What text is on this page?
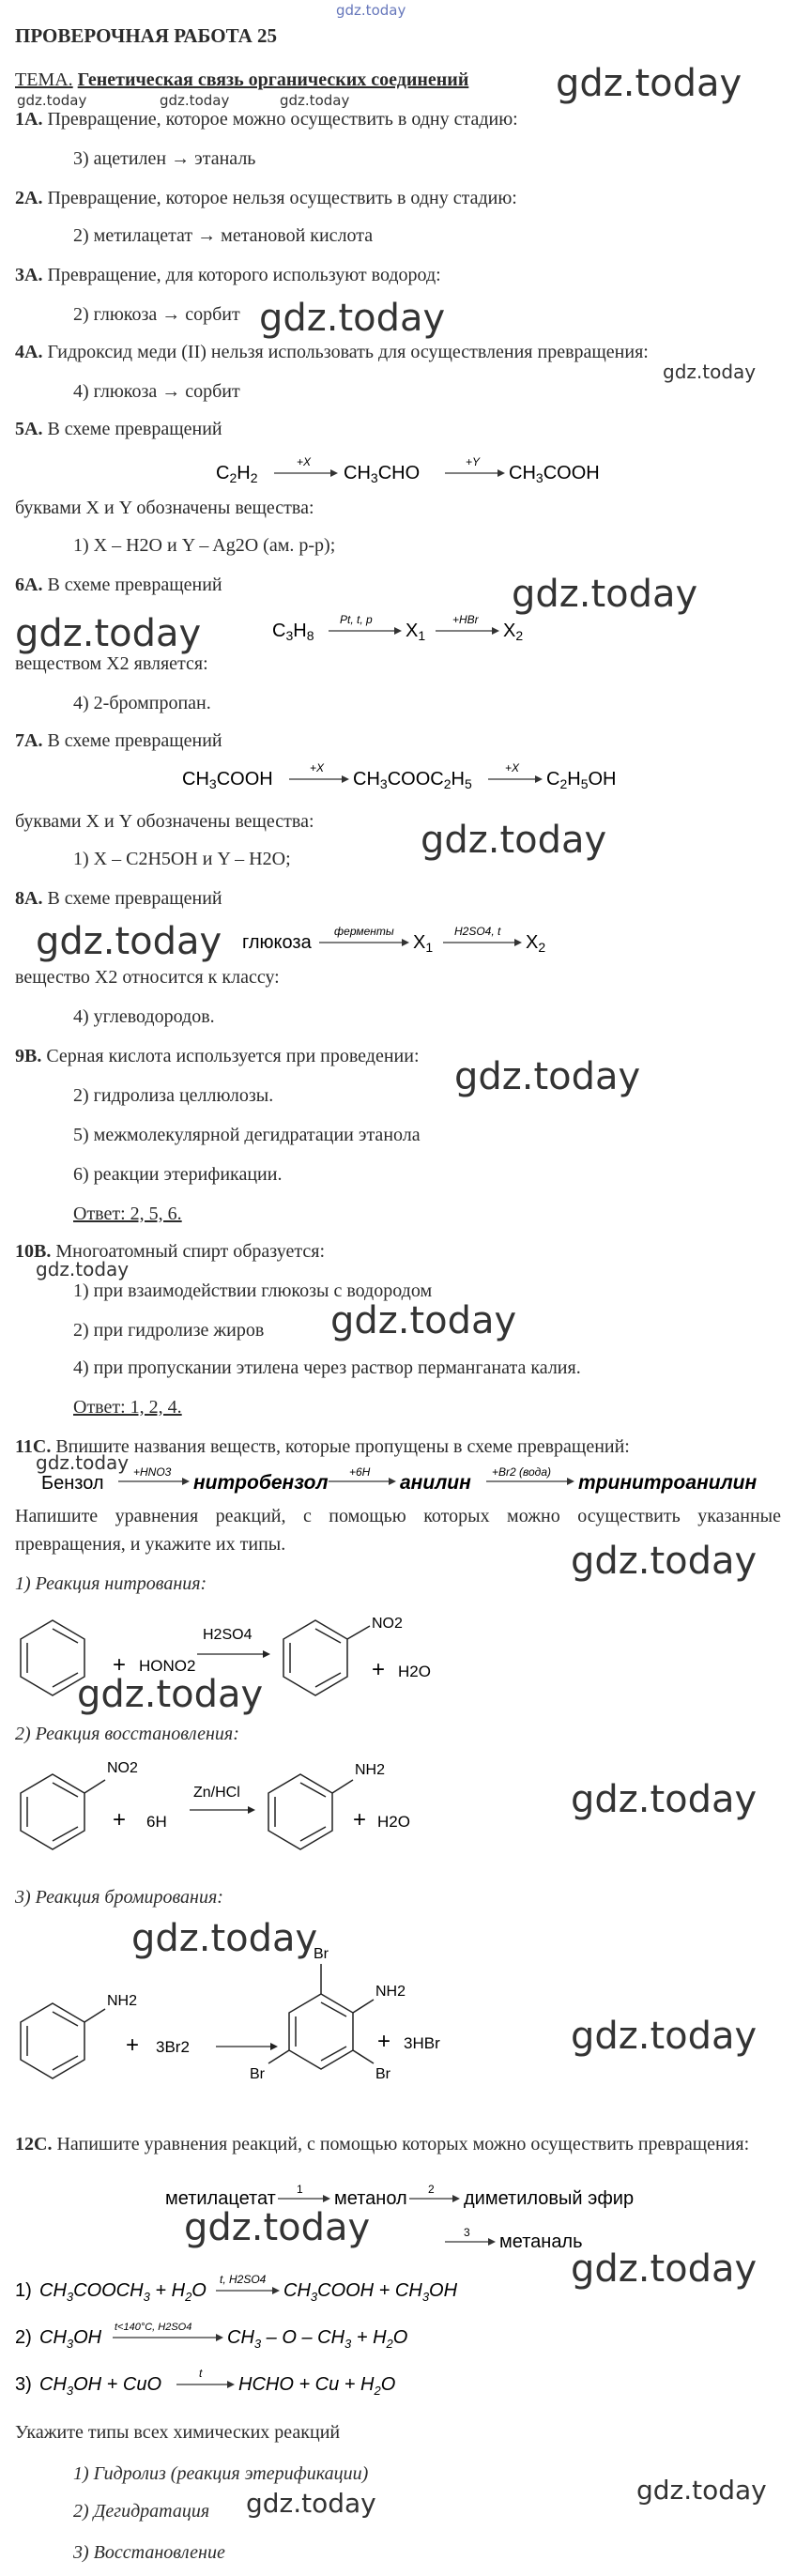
gdz.today
ПРОВЕРОЧНАЯ РАБОТА 25
ТЕМА. Генетическая связь органических соединений
gdz.today	gdz.today	gdz.today	gdz.today
1А. Превращение, которое можно осуществить в одну стадию:
3) ацетилен → этаналь
2А. Превращение, которое нельзя осуществить в одну стадию:
2) метилацетат → метановой кислота
3А. Превращение, для которого используют водород:
2) глюкоза → сорбит gdz.today
4А. Гидроксид меди (II) нельзя использовать для осуществления превращения:
gdz.today
4) глюкоза → сорбит
5А. В схеме превращений
$C_2H_2$
+X
$CH_3CHO$
+Y
$CH_3COOH$
буквами X и Y обозначены вещества:
1) X – H2O и Y – Ag2O (ам. р-р);
6А. В схеме превращений	gdz.today
gdz.today	$C_3H_8$
Pt, t, p
$X_1$
+HBr
$X_2$
веществом X2 является:
4) 2-бромпропан.
7А. В схеме превращений
$CH_3COOH$
+X
$CH_3COOC_2H_5$
+X
$C_2H_5OH$
буквами X и Y обозначены вещества:
1) X – C2H5OH и Y – H2O;	gdz.today
8А. В схеме превращений
gdz.today глюкоза
ферменты
$X_1$
H2SO4, t
$X_2$
вещество X2 относится к классу:
4) углеводородов.
9В. Серная кислота используется при проведении: gdz.today
2) гидролиза целлюлозы.
5) межмолекулярной дегидратации этанола
6) реакции этерификации.
Ответ: 2, 5, 6.
10В. Многоатомный спирт образуется:
gdz.today
1) при взаимодействии глюкозы с водородом
2) при гидролизе жиров gdz.today
4) при пропускании этилена через раствор перманганата калия.
Ответ: 1, 2, 4.
11С. Впишите названия веществ, которые пропущены в схеме превращений:
gdz.today
Бензол
+HNO3 нитробензол +6H анилин +Br2 (вода) тринитроанилин
Напишите уравнения реакций, с помощью которых можно осуществить указанные превращения, и укажите их типы.	gdz.today
1) Реакция нитрования:
+ HONO2
H2SO4
NO2
+ H2O
gdz.today
2) Реакция восстановления:
NO2
+ 6H
Zn/HCl
NH2
+ H2O
gdz.today
3) Реакция бромирования:
gdz.today
NH2
+ 3Br2
Br
NH2
Br	Br
+ 3HBr	gdz.today
12С. Напишите уравнения реакций, с помощью которых можно осуществить превращения:
метилацетат 1 метанол 2 диметиловый эфир
3 метаналь
gdz.today
gdz.today
1) $CH_3COOCH_3 + H_2O$
t, H2SO4
$CH_3COOH + CH_3OH$
2) $CH_3OH$ t<140°C, H2SO4 $CH_3 - O - CH_3 + H_2O$
3) $CH_3OH$ + CuO
t
HCHO + $Cu + H_2O$
Укажите типы всех химических реакций
1) Гидролиз (реакция этерификации)
2) Дегидратация gdz.today	gdz.today
3) Восстановление
